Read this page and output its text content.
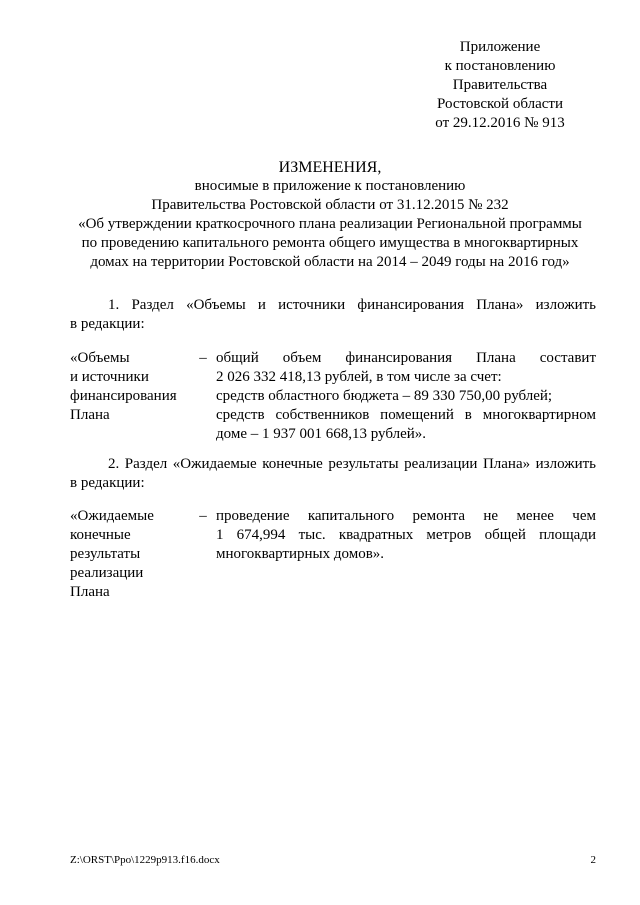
Приложение
к постановлению
Правительства
Ростовской области
от 29.12.2016 № 913
ИЗМЕНЕНИЯ,
вносимые в приложение к постановлению
Правительства Ростовской области от 31.12.2015 № 232
«Об утверждении краткосрочного плана реализации Региональной программы
по проведению капитального ремонта общего имущества в многоквартирных
домах на территории Ростовской области на 2014 – 2049 годы на 2016 год»
1. Раздел «Объемы и источники финансирования Плана» изложить
в редакции:
«Объемы
и источники
финансирования
Плана
– общий объем финансирования Плана составит
2 026 332 418,13 рублей, в том числе за счет:
средств областного бюджета – 89 330 750,00 рублей;
средств собственников помещений в многоквартирном
доме – 1 937 001 668,13 рублей».
2. Раздел «Ожидаемые конечные результаты реализации Плана» изложить
в редакции:
«Ожидаемые
конечные
результаты
реализации
Плана
– проведение капитального ремонта не менее чем
1 674,994 тыс. квадратных метров общей площади
многоквартирных домов».
Z:\ORST\Ppo\1229p913.f16.docx	2
